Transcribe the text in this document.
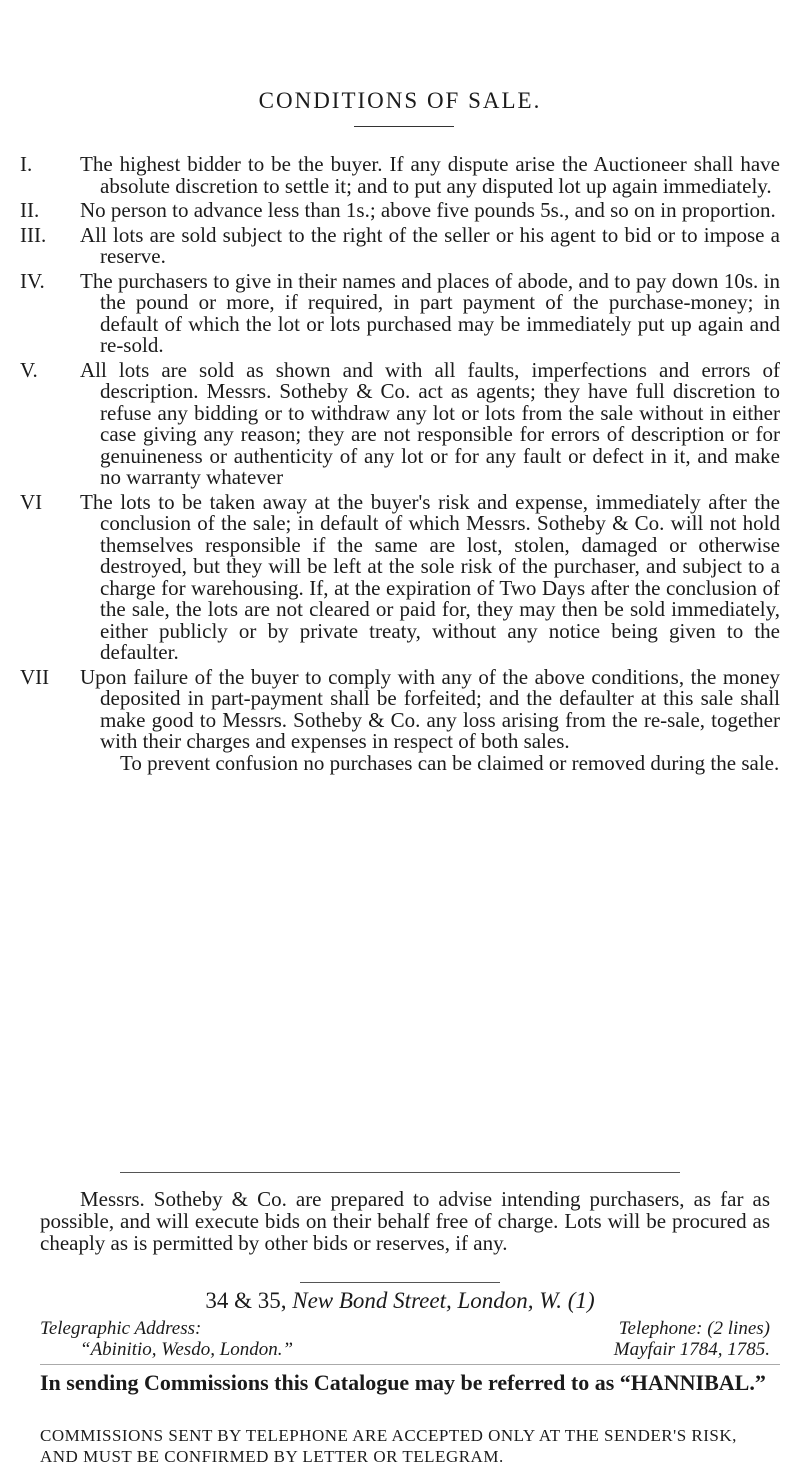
CONDITIONS OF SALE.
I.	The highest bidder to be the buyer. If any dispute arise the Auctioneer shall have absolute discretion to settle it; and to put any disputed lot up again immediately.
II.	No person to advance less than 1s.; above five pounds 5s., and so on in proportion.
III.	All lots are sold subject to the right of the seller or his agent to bid or to impose a reserve.
IV.	The purchasers to give in their names and places of abode, and to pay down 10s. in the pound or more, if required, in part payment of the purchase-money; in default of which the lot or lots purchased may be immediately put up again and re-sold.
V.	All lots are sold as shown and with all faults, imperfections and errors of description. Messrs. Sotheby & Co. act as agents; they have full discretion to refuse any bidding or to withdraw any lot or lots from the sale without in either case giving any reason; they are not responsible for errors of description or for genuineness or authenticity of any lot or for any fault or defect in it, and make no warranty whatever
VI	The lots to be taken away at the buyer's risk and expense, immediately after the conclusion of the sale; in default of which Messrs. Sotheby & Co. will not hold themselves responsible if the same are lost, stolen, damaged or otherwise destroyed, but they will be left at the sole risk of the purchaser, and subject to a charge for warehousing. If, at the expiration of Two Days after the conclusion of the sale, the lots are not cleared or paid for, they may then be sold immediately, either publicly or by private treaty, without any notice being given to the defaulter.
VII	Upon failure of the buyer to comply with any of the above conditions, the money deposited in part-payment shall be forfeited; and the defaulter at this sale shall make good to Messrs. Sotheby & Co. any loss arising from the re-sale, together with their charges and expenses in respect of both sales.
To prevent confusion no purchases can be claimed or removed during the sale.
Messrs. Sotheby & Co. are prepared to advise intending purchasers, as far as possible, and will execute bids on their behalf free of charge. Lots will be procured as cheaply as is permitted by other bids or reserves, if any.
34 & 35, New Bond Street, London, W. (1)
Telegraphic Address:	Telephone: (2 lines)
“Abinitio, Wesdo, London.”	Mayfair 1784, 1785.
In sending Commissions this Catalogue may be referred to as “HANNIBAL.”
COMMISSIONS SENT BY TELEPHONE ARE ACCEPTED ONLY AT THE SENDER'S RISK, AND MUST BE CONFIRMED BY LETTER OR TELEGRAM.
